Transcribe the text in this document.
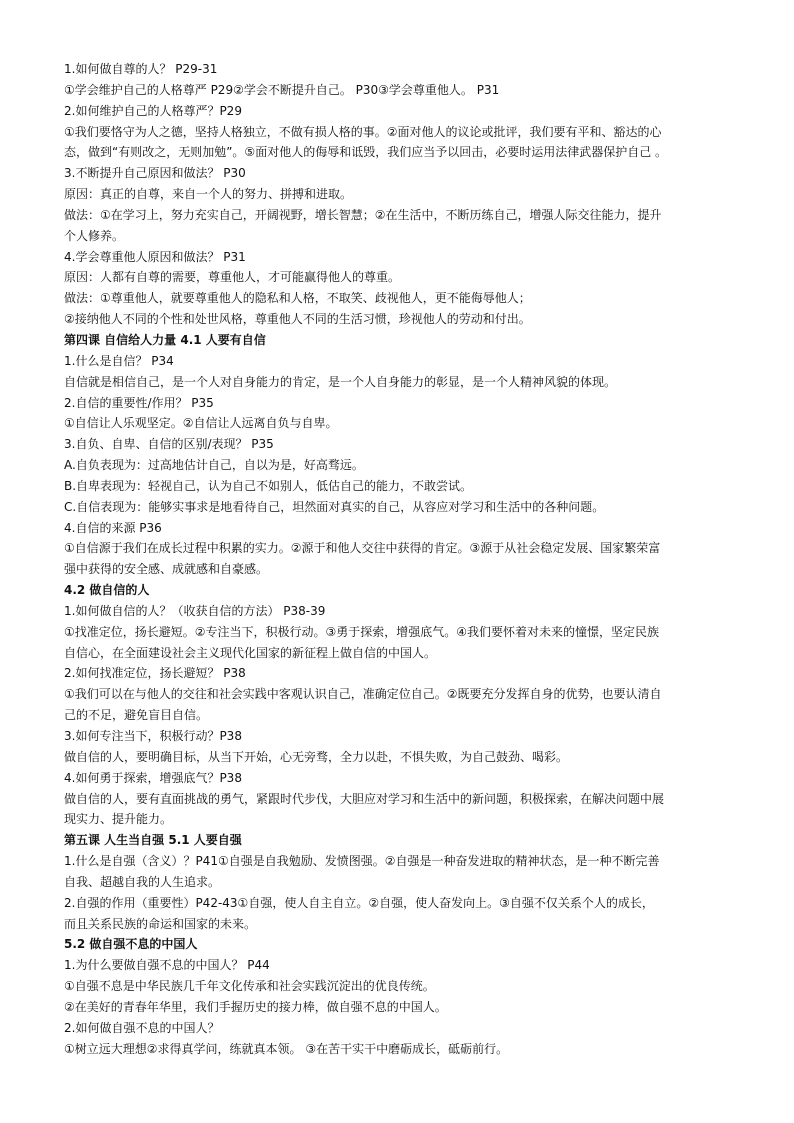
1.如何做自尊的人？ P29-31
①学会维护自己的人格尊严 P29②学会不断提升自己。 P30③学会尊重他人。 P31
2.如何维护自己的人格尊严？P29
①我们要恪守为人之德，坚持人格独立，不做有损人格的事。②面对他人的议论或批评，我们要有平和、豁达的心
态，做到“有则改之，无则加勉”。⑤面对他人的侮辱和诋毁，我们应当予以回击，必要时运用法律武器保护自己 。
3.不断提升自己原因和做法？ P30
原因：真正的自尊，来自一个人的努力、拼搏和进取。
做法：①在学习上，努力充实自己，开阔视野，增长智慧；②在生活中，不断历练自己，增强人际交往能力，提升
个人修养。
4.学会尊重他人原因和做法？ P31
原因：人都有自尊的需要，尊重他人，才可能赢得他人的尊重。
做法：①尊重他人，就要尊重他人的隐私和人格，不取笑、歧视他人，更不能侮辱他人；
②接纳他人不同的个性和处世风格，尊重他人不同的生活习惯，珍视他人的劳动和付出。
第四课 自信给人力量 4.1 人要有自信
1.什么是自信？ P34
自信就是相信自己，是一个人对自身能力的肯定，是一个人自身能力的彰显，是一个人精神风貌的体现。
2.自信的重要性/作用？ P35
①自信让人乐观坚定。②自信让人远离自负与自卑。
3.自负、自卑、自信的区别/表现？ P35
A.自负表现为：过高地估计自己，自以为是，好高骛远。
B.自卑表现为：轻视自己，认为自己不如别人，低估自己的能力，不敢尝试。
C.自信表现为：能够实事求是地看待自己，坦然面对真实的自己，从容应对学习和生活中的各种问题。
4.自信的来源 P36
①自信源于我们在成长过程中积累的实力。②源于和他人交往中获得的肯定。③源于从社会稳定发展、国家繁荣富
强中获得的安全感、成就感和自豪感。
4.2 做自信的人
1.如何做自信的人？（收获自信的方法） P38-39
①找准定位，扬长避短。②专注当下，积极行动。③勇于探索，增强底气。④我们要怀着对未来的憧憬，坚定民族
自信心，在全面建设社会主义现代化国家的新征程上做自信的中国人。
2.如何找准定位，扬长避短？ P38
①我们可以在与他人的交往和社会实践中客观认识自己，准确定位自己。②既要充分发挥自身的优势，也要认清自
己的不足，避免盲目自信。
3.如何专注当下，积极行动？P38
做自信的人，要明确目标，从当下开始，心无旁骛，全力以赴，不惧失败，为自己鼓劲、喝彩。
4.如何勇于探索，增强底气？P38
做自信的人，要有直面挑战的勇气，紧跟时代步伐，大胆应对学习和生活中的新问题，积极探索，在解决问题中展
现实力、提升能力。
第五课 人生当自强 5.1 人要自强
1.什么是自强（含义）？P41①自强是自我勉励、发愤图强。②自强是一种奋发进取的精神状态，是一种不断完善
自我、超越自我的人生追求。
2.自强的作用（重要性）P42-43①自强，使人自主自立。②自强，使人奋发向上。③自强不仅关系个人的成长，
而且关系民族的命运和国家的未来。
5.2 做自强不息的中国人
1.为什么要做自强不息的中国人？ P44
①自强不息是中华民族几千年文化传承和社会实践沉淀出的优良传统。
②在美好的青春年华里，我们手握历史的接力棒，做自强不息的中国人。
2.如何做自强不息的中国人？
①树立远大理想②求得真学问，练就真本领。 ③在苦干实干中磨砺成长，砥砺前行。
